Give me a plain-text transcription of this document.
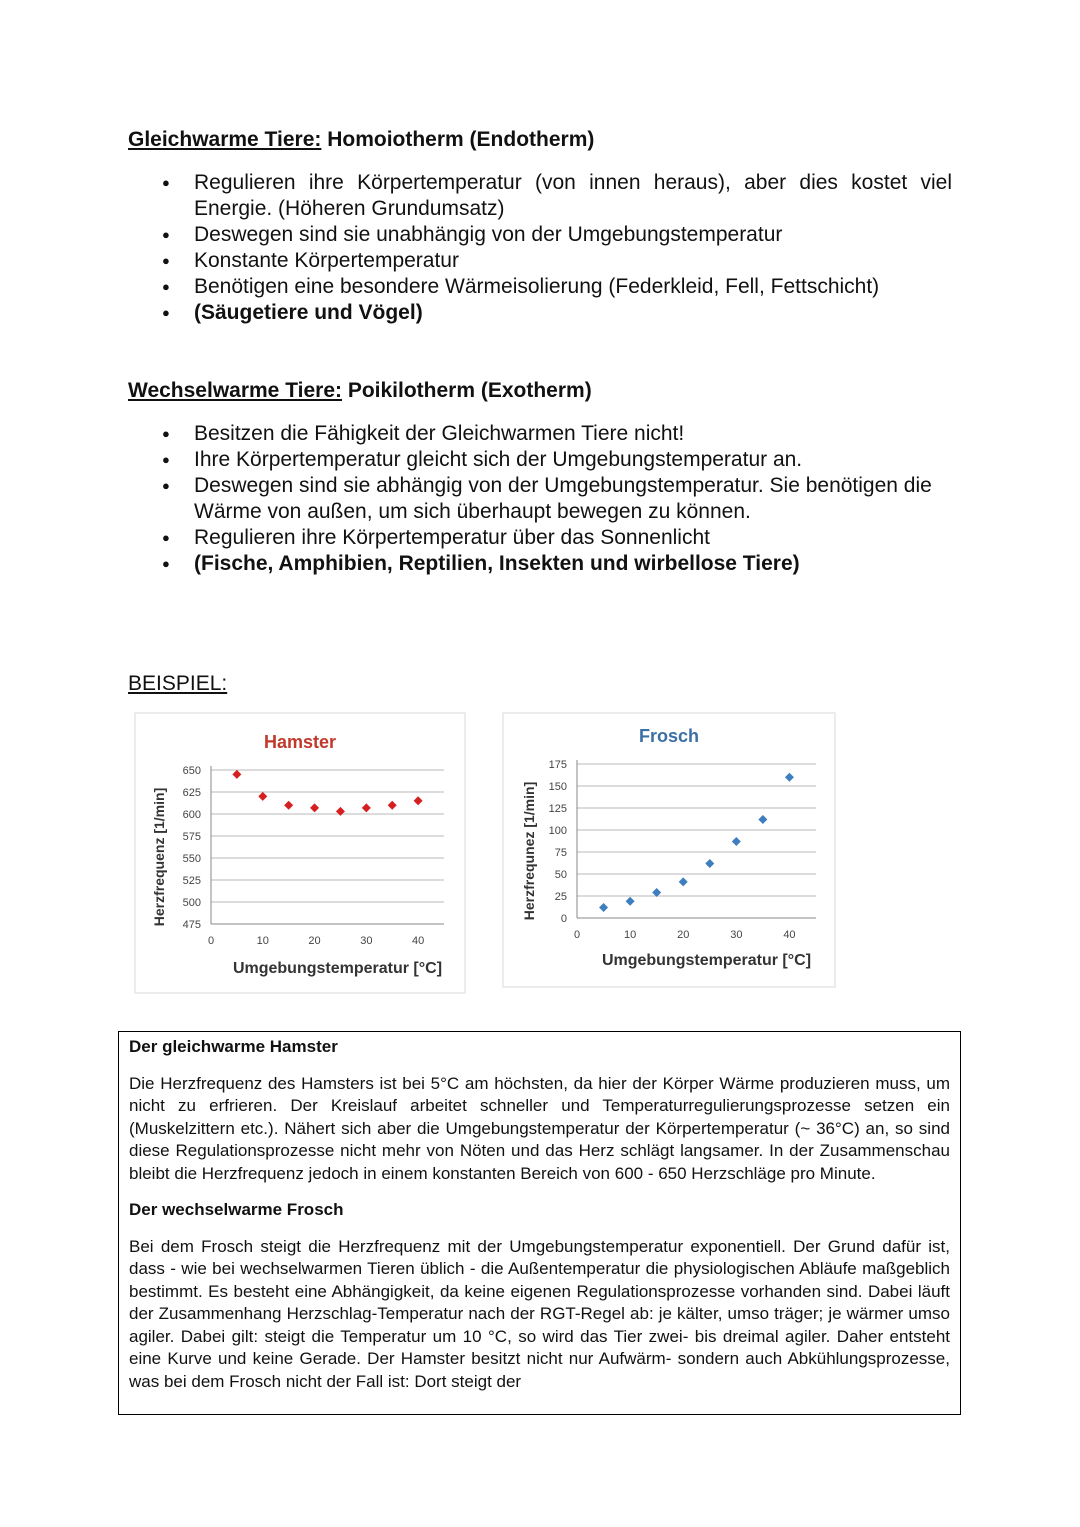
Gleichwarme Tiere: Homoiotherm (Endotherm)
● Regulieren ihre Körpertemperatur (von innen heraus), aber dies kostet viel Energie. (Höheren Grundumsatz)
● Deswegen sind sie unabhängig von der Umgebungstemperatur
● Konstante Körpertemperatur
● Benötigen eine besondere Wärmeisolierung (Federkleid, Fell, Fettschicht)
● (Säugetiere und Vögel)
Wechselwarme Tiere: Poikilotherm (Exotherm)
● Besitzen die Fähigkeit der Gleichwarmen Tiere nicht!
● Ihre Körpertemperatur gleicht sich der Umgebungstemperatur an.
● Deswegen sind sie abhängig von der Umgebungstemperatur. Sie benötigen die Wärme von außen, um sich überhaupt bewegen zu können.
● Regulieren ihre Körpertemperatur über das Sonnenlicht
● (Fische, Amphibien, Reptilien, Insekten und wirbellose Tiere)

BEISPIEL:

475
500
525
550
575
600
625
650
0	10	20	30	40
Hamster
Umgebungstemperatur [°C]
Herzfrequenz [1/min]	0
25
50
75
100
125
150
175
0	10	20	30	40
Frosch
Umgebungstemperatur [°C]
Herzfrequnez [1/min]
Der gleichwarme Hamster

Die Herzfrequenz des Hamsters ist bei 5°C am höchsten, da hier der Körper Wärme produzieren muss, um nicht zu erfrieren. Der Kreislauf arbeitet schneller und Temperaturregulierungsprozesse setzen ein (Muskelzittern etc.). Nähert sich aber die Umgebungstemperatur der Körpertemperatur (~ 36°C) an, so sind diese Regulationsprozesse nicht mehr von Nöten und das Herz schlägt langsamer. In der Zusammenschau bleibt die Herzfrequenz jedoch in einem konstanten Bereich von 600 - 650 Herzschläge pro Minute.

Der wechselwarme Frosch

Bei dem Frosch steigt die Herzfrequenz mit der Umgebungstemperatur exponentiell. Der Grund dafür ist, dass - wie bei wechselwarmen Tieren üblich - die Außentemperatur die physiologischen Abläufe maßgeblich bestimmt. Es besteht eine Abhängigkeit, da keine eigenen Regulationsprozesse vorhanden sind. Dabei läuft der Zusammenhang Herzschlag-Temperatur nach der RGT-Regel ab: je kälter, umso träger; je wärmer umso agiler. Dabei gilt: steigt die Temperatur um 10 °C, so wird das Tier zwei- bis dreimal agiler. Daher entsteht eine Kurve und keine Gerade. Der Hamster besitzt nicht nur Aufwärm- sondern auch Abkühlungsprozesse, was bei dem Frosch nicht der Fall ist: Dort steigt der
